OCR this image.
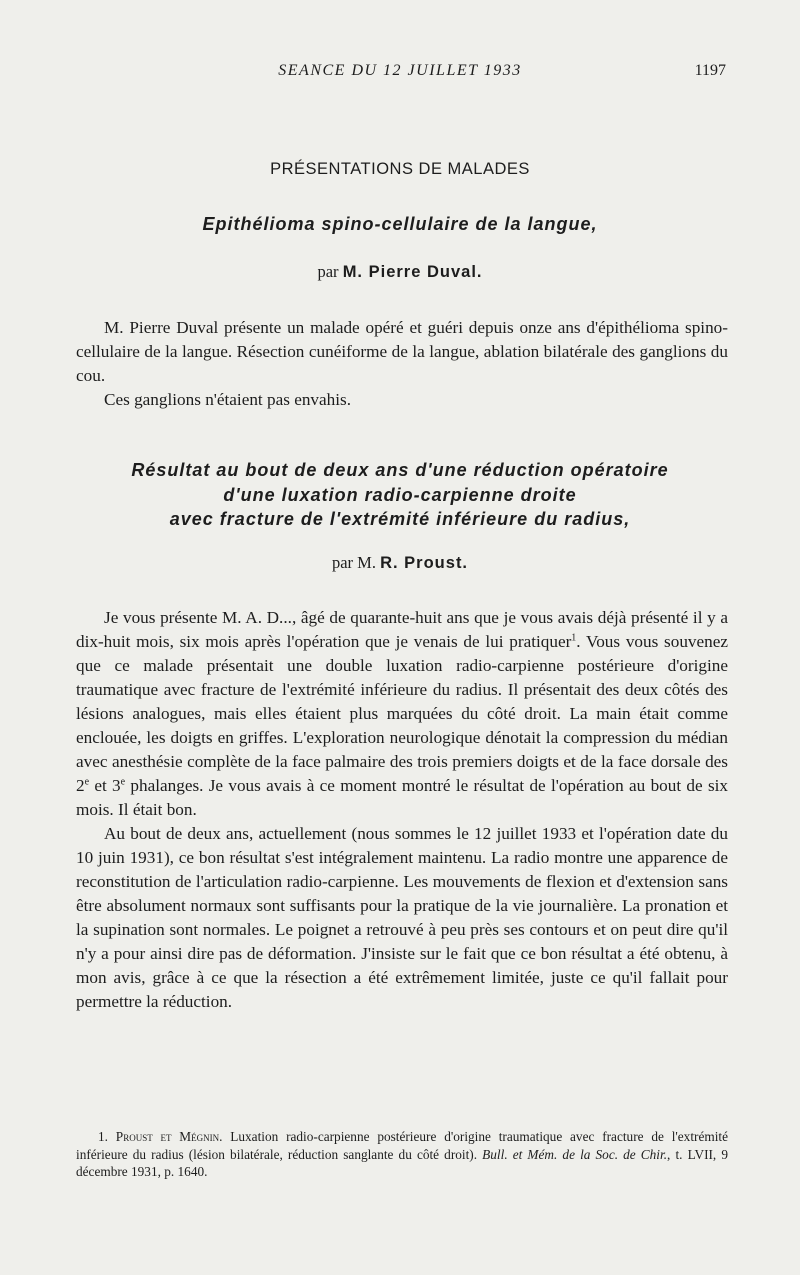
SEANCE DU 12 JUILLET 1933	1197
PRÉSENTATIONS DE MALADES
Epithélioma spino-cellulaire de la langue,
par M. Pierre Duval.

M. Pierre Duval présente un malade opéré et guéri depuis onze ans d'épithélioma spino-cellulaire de la langue. Résection cunéiforme de la langue, ablation bilatérale des ganglions du cou.

Ces ganglions n'étaient pas envahis.

Résultat au bout de deux ans d'une réduction opératoire
d'une luxation radio-carpienne droite
avec fracture de l'extrémité inférieure du radius,
par M. R. Proust.

Je vous présente M. A. D..., âgé de quarante-huit ans que je vous avais déjà présenté il y a dix-huit mois, six mois après l'opération que je venais de lui pratiquer$^1$. Vous vous souvenez que ce malade présentait une double luxation radio-carpienne postérieure d'origine traumatique avec fracture de l'extrémité inférieure du radius. Il présentait des deux côtés des lésions analogues, mais elles étaient plus marquées du côté droit. La main était comme enclouée, les doigts en griffes. L'exploration neurologique dénotait la compression du médian avec anesthésie complète de la face palmaire des trois premiers doigts et de la face dorsale des 2e et 3e phalanges. Je vous avais à ce moment montré le résultat de l'opération au bout de six mois. Il était bon.

Au bout de deux ans, actuellement (nous sommes le 12 juillet 1933 et l'opération date du 10 juin 1931), ce bon résultat s'est intégralement maintenu. La radio montre une apparence de reconstitution de l'articulation radio-carpienne. Les mouvements de flexion et d'extension sans être absolument normaux sont suffisants pour la pratique de la vie journalière. La pronation et la supination sont normales. Le poignet a retrouvé à peu près ses contours et on peut dire qu'il n'y a pour ainsi dire pas de déformation. J'insiste sur le fait que ce bon résultat a été obtenu, à mon avis, grâce à ce que la résection a été extrêmement limitée, juste ce qu'il fallait pour permettre la réduction.

1. Proust et Mégnin. Luxation radio-carpienne postérieure d'origine traumatique avec fracture de l'extrémité inférieure du radius (lésion bilatérale, réduction sanglante du côté droit). Bull. et Mém. de la Soc. de Chir., t. LVII, 9 décembre 1931, p. 1640.
